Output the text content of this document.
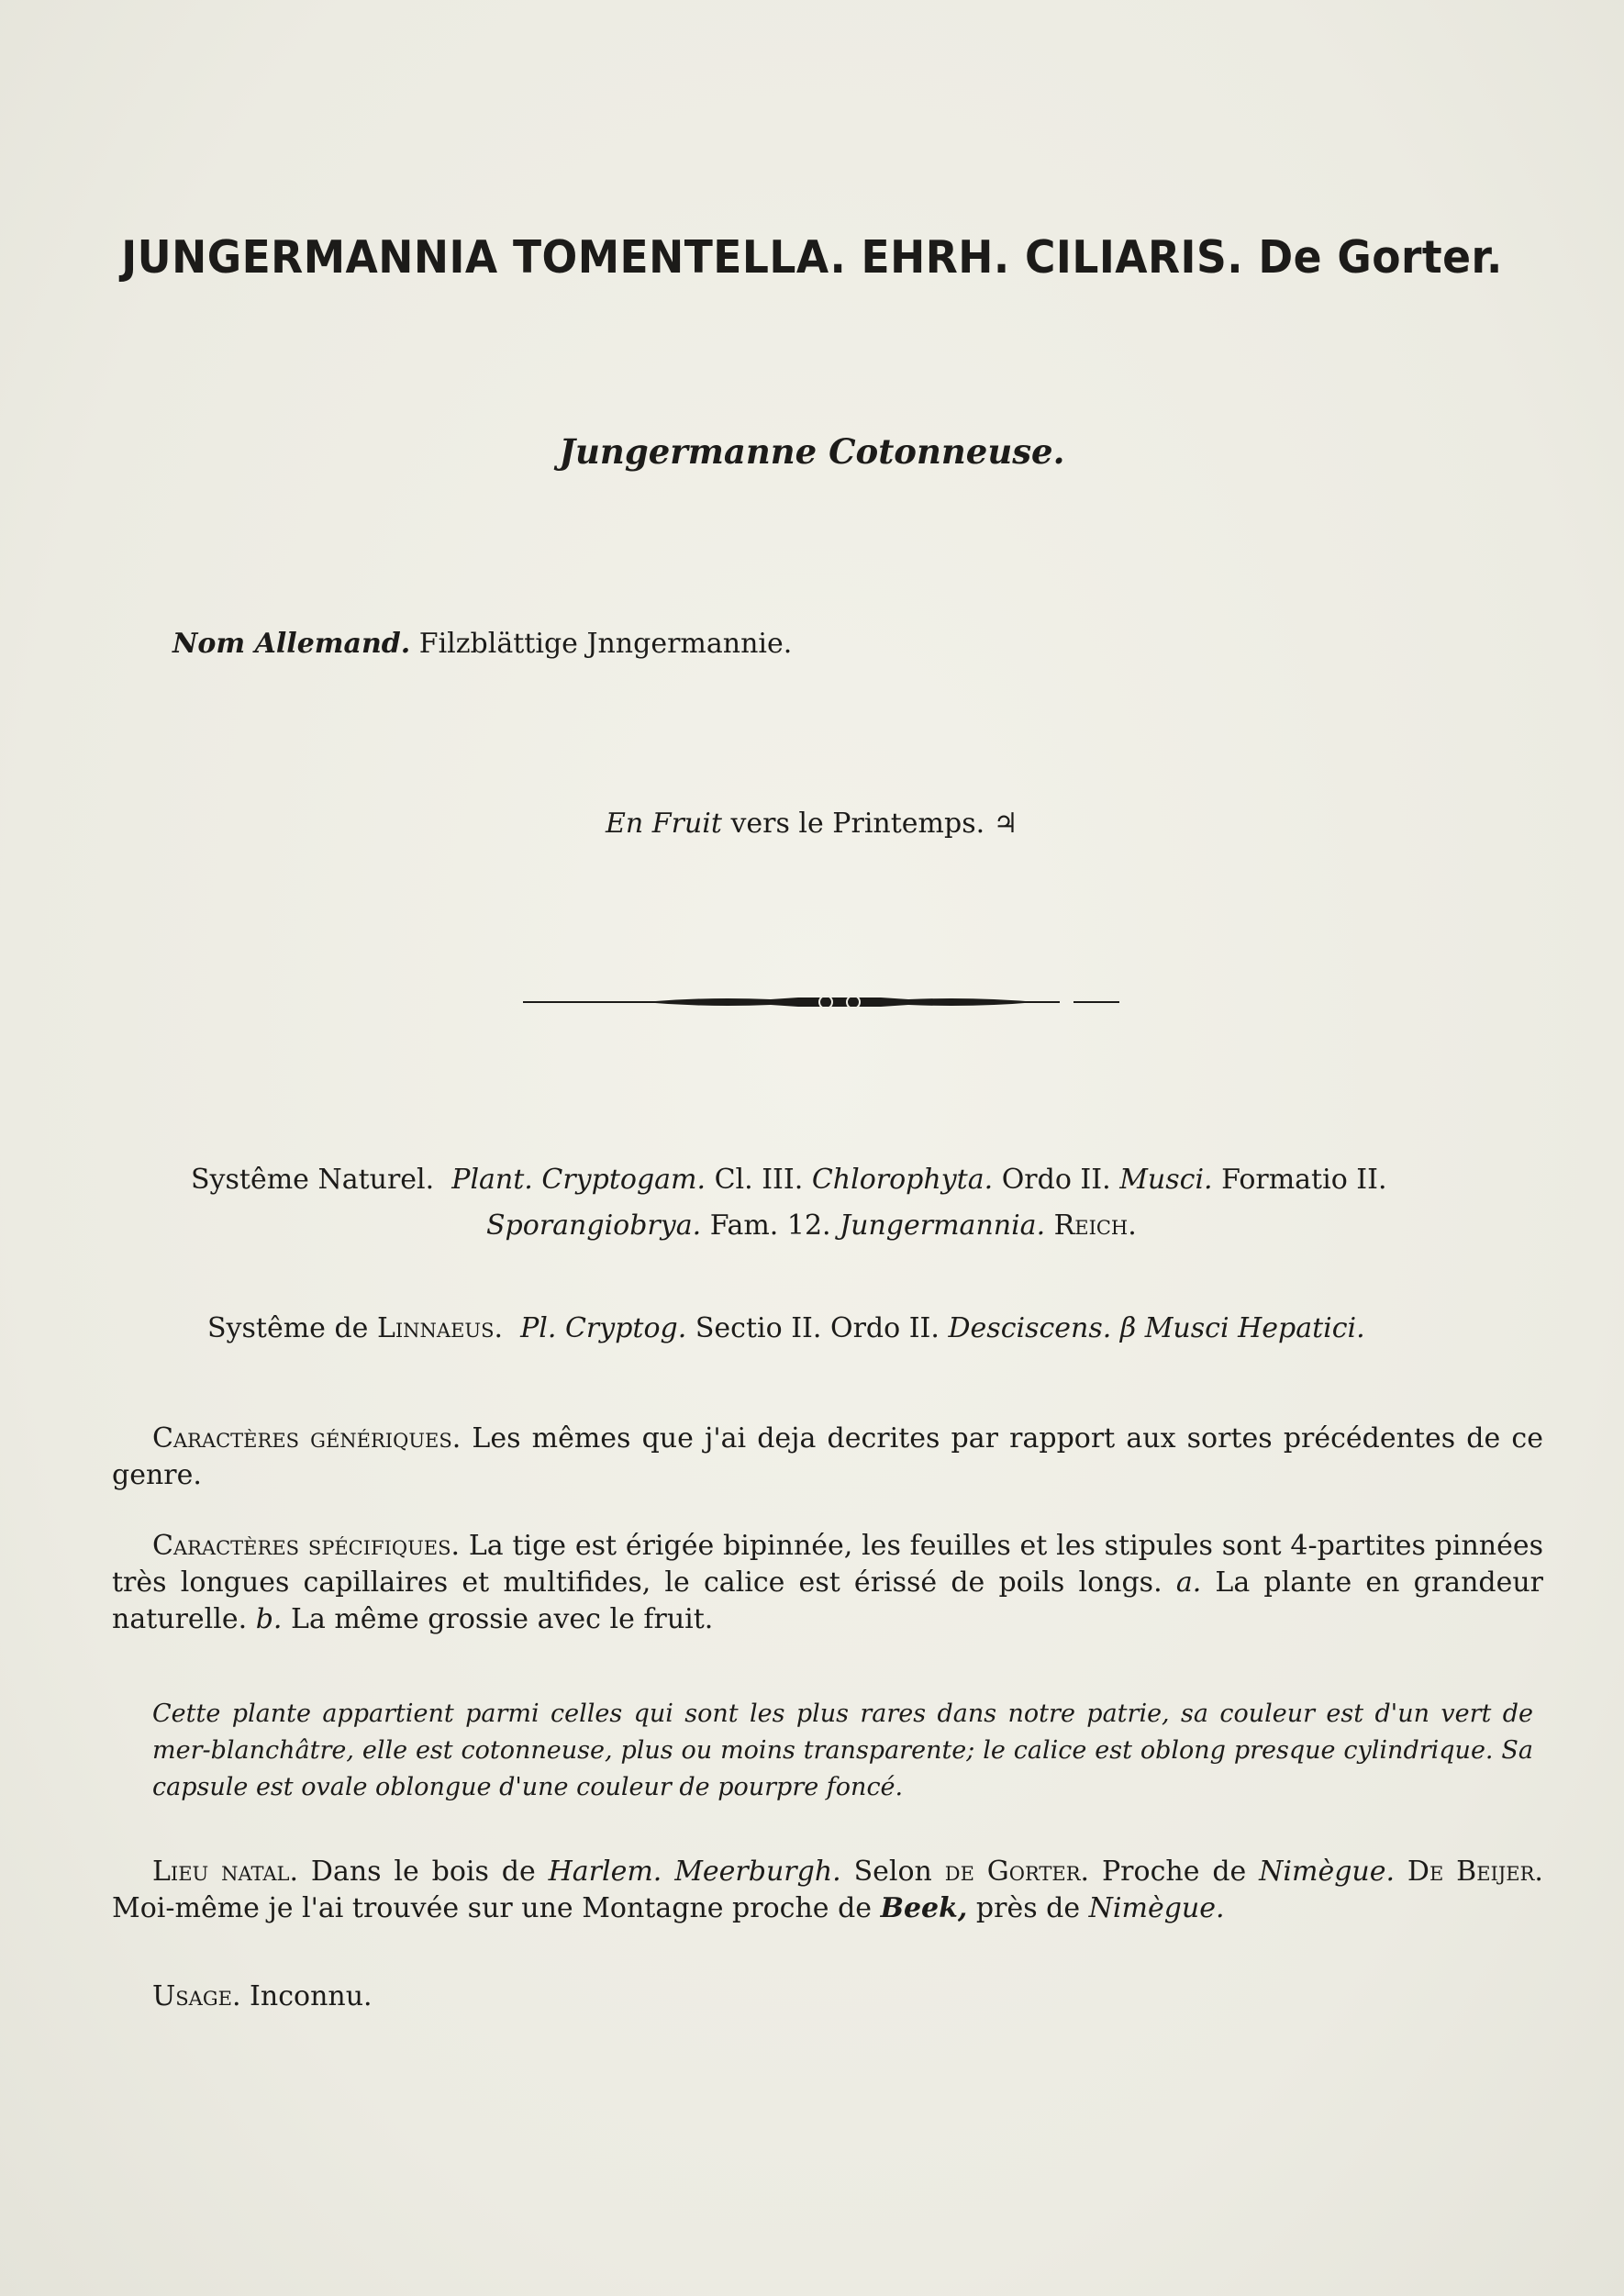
JUNGERMANNIA TOMENTELLA. EHRH. CILIARIS. De Gorter.
Jungermanne Cotonneuse.
Nom Allemand. Filzblättige Jnngermannie.
En Fruit vers le Printemps. ♃
Systême Naturel. Plant. Cryptogam. Cl. III. Chlorophyta. Ordo II. Musci. Formatio II.
Sporangiobrya. Fam. 12. Jungermannia. Reich.
Systême de Linnaeus. Pl. Cryptog. Sectio II. Ordo II. Desciscens. β Musci Hepatici.
Caractères génériques. Les mêmes que j'ai deja decrites par rapport aux sortes précédentes de ce genre.
Caractères spécifiques. La tige est érigée bipinnée, les feuilles et les stipules sont 4-partites pinnées très longues capillaires et multifides, le calice est érissé de poils longs. a. La plante en grandeur naturelle. b. La même grossie avec le fruit.
Cette plante appartient parmi celles qui sont les plus rares dans notre patrie, sa couleur est d'un vert de mer-blanchâtre, elle est cotonneuse, plus ou moins transparente; le calice est oblong presque cylindrique. Sa capsule est ovale oblongue d'une couleur de pourpre foncé.
Lieu natal. Dans le bois de Harlem. Meerburgh. Selon de Gorter. Proche de Nimègue. De Beijer. Moi-même je l'ai trouvée sur une Montagne proche de Beek, près de Nimègue.
Usage. Inconnu.
